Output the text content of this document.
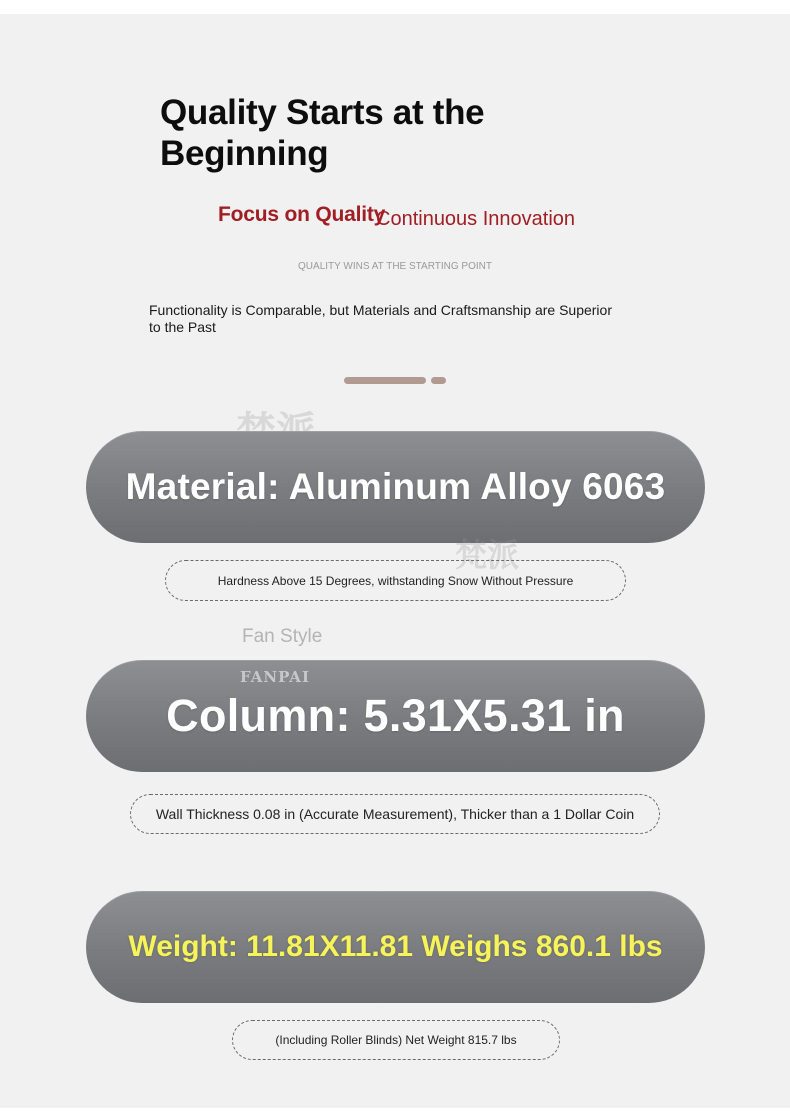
Quality Starts at the Beginning
Focus on Quality
Continuous Innovation
QUALITY WINS AT THE STARTING POINT
Functionality is Comparable, but Materials and Craftsmanship are Superior to the Past
Material: Aluminum Alloy 6063
梵派
Hardness Above 15 Degrees, withstanding Snow Without Pressure
Fan Style
Column: 5.31X5.31 in
FANPAI
Wall Thickness 0.08 in (Accurate Measurement), Thicker than a 1 Dollar Coin
Weight: 11.81X11.81 Weighs 860.1 lbs
(Including Roller Blinds) Net Weight 815.7 lbs
